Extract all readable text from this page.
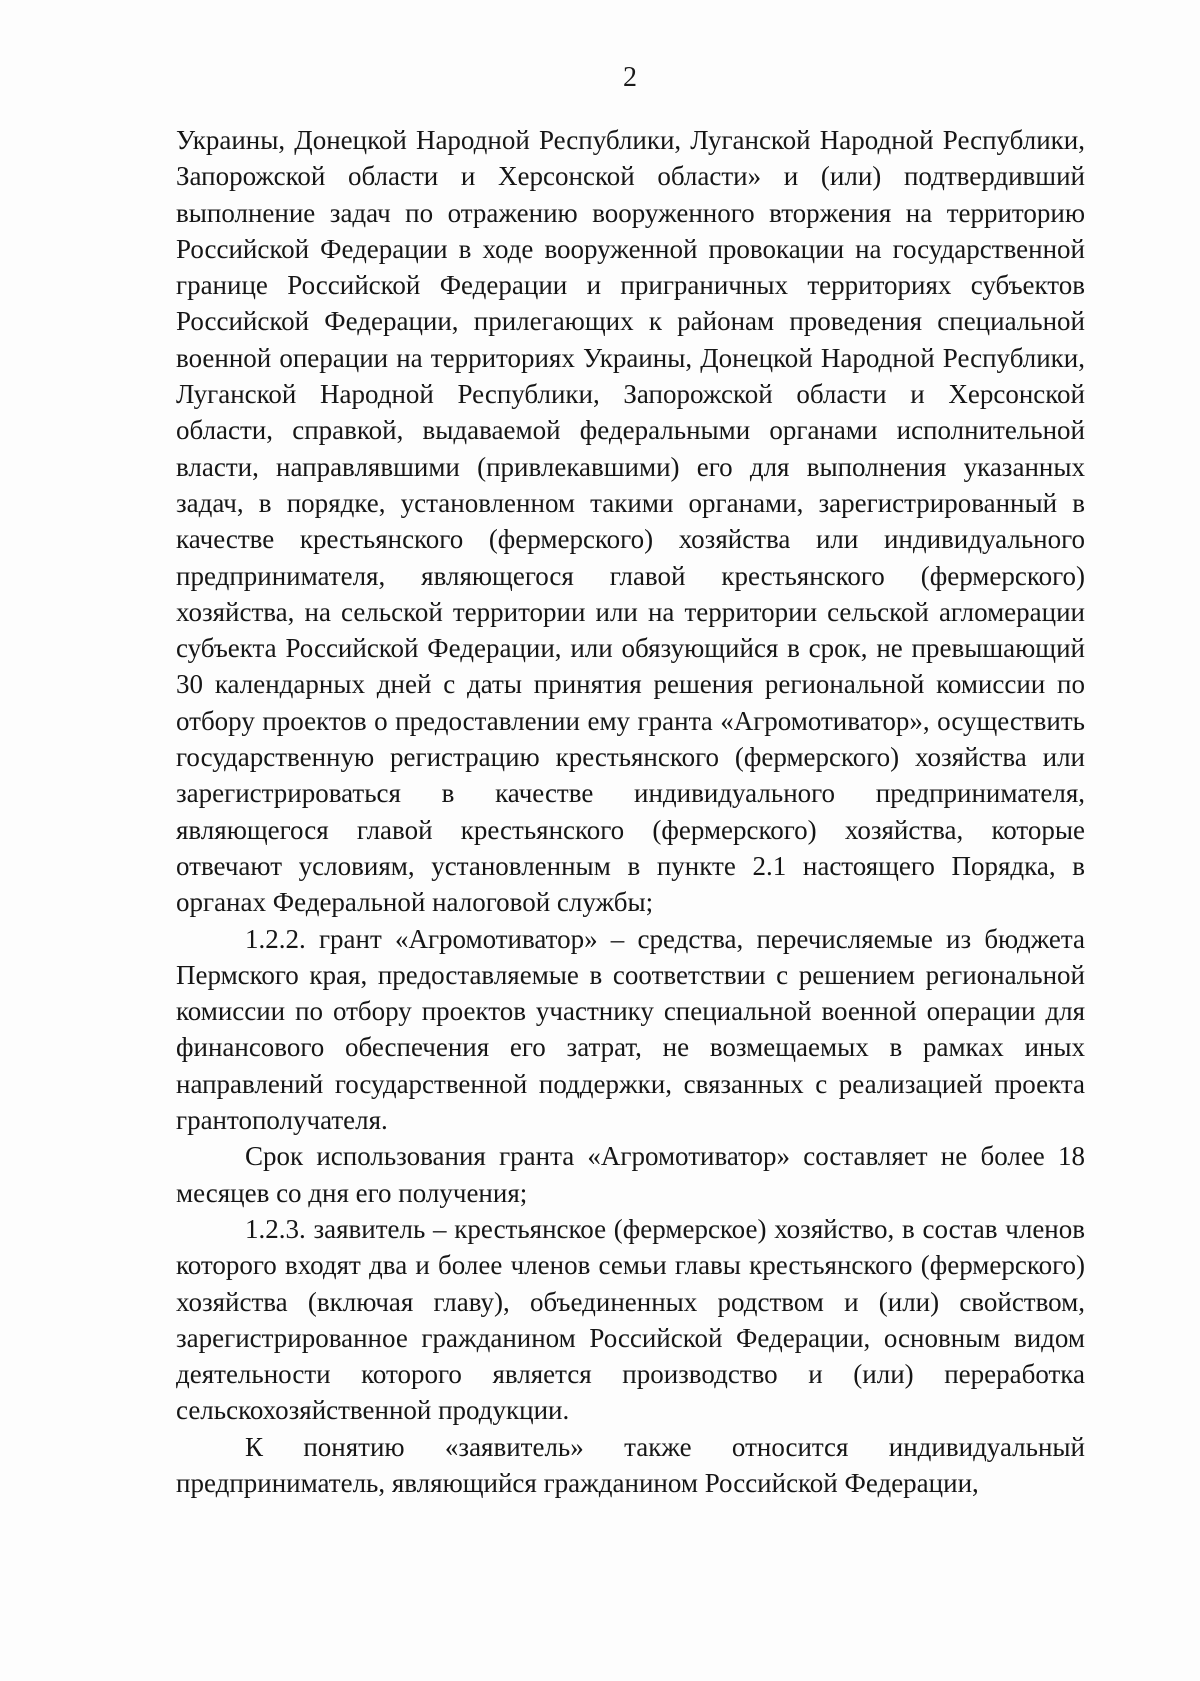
2

Украины, Донецкой Народной Республики, Луганской Народной Республики, Запорожской области и Херсонской области» и (или) подтвердивший выполнение задач по отражению вооруженного вторжения на территорию Российской Федерации в ходе вооруженной провокации на государственной границе Российской Федерации и приграничных территориях субъектов Российской Федерации, прилегающих к районам проведения специальной военной операции на территориях Украины, Донецкой Народной Республики, Луганской Народной Республики, Запорожской области и Херсонской области, справкой, выдаваемой федеральными органами исполнительной власти, направлявшими (привлекавшими) его для выполнения указанных задач, в порядке, установленном такими органами, зарегистрированный в качестве крестьянского (фермерского) хозяйства или индивидуального предпринимателя, являющегося главой крестьянского (фермерского) хозяйства, на сельской территории или на территории сельской агломерации субъекта Российской Федерации, или обязующийся в срок, не превышающий 30 календарных дней с даты принятия решения региональной комиссии по отбору проектов о предоставлении ему гранта «Агромотиватор», осуществить государственную регистрацию крестьянского (фермерского) хозяйства или зарегистрироваться в качестве индивидуального предпринимателя, являющегося главой крестьянского (фермерского) хозяйства, которые отвечают условиям, установленным в пункте 2.1 настоящего Порядка, в органах Федеральной налоговой службы;

1.2.2. грант «Агромотиватор» – средства, перечисляемые из бюджета Пермского края, предоставляемые в соответствии с решением региональной комиссии по отбору проектов участнику специальной военной операции для финансового обеспечения его затрат, не возмещаемых в рамках иных направлений государственной поддержки, связанных с реализацией проекта грантополучателя.

Срок использования гранта «Агромотиватор» составляет не более 18 месяцев со дня его получения;

1.2.3. заявитель – крестьянское (фермерское) хозяйство, в состав членов которого входят два и более членов семьи главы крестьянского (фермерского) хозяйства (включая главу), объединенных родством и (или) свойством, зарегистрированное гражданином Российской Федерации, основным видом деятельности которого является производство и (или) переработка сельскохозяйственной продукции.

К понятию «заявитель» также относится индивидуальный предприниматель, являющийся гражданином Российской Федерации,
